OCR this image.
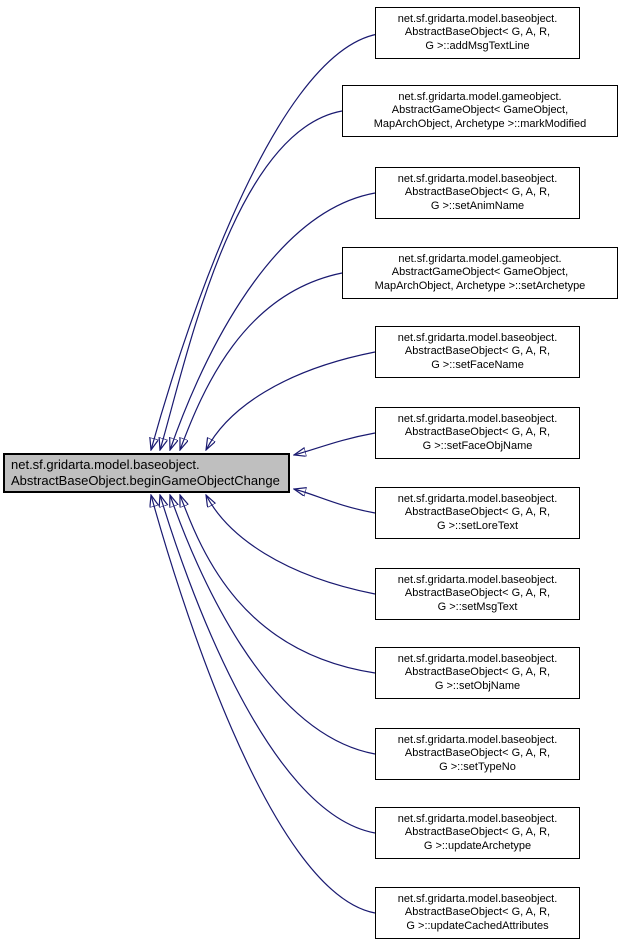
net.sf.gridarta.model.baseobject.
AbstractBaseObject.beginGameObjectChange
net.sf.gridarta.model.baseobject.
AbstractBaseObject< G, A, R,
G >::addMsgTextLine
net.sf.gridarta.model.gameobject.
AbstractGameObject< GameObject,
MapArchObject, Archetype >::markModified
net.sf.gridarta.model.baseobject.
AbstractBaseObject< G, A, R,
G >::setAnimName
net.sf.gridarta.model.gameobject.
AbstractGameObject< GameObject,
MapArchObject, Archetype >::setArchetype
net.sf.gridarta.model.baseobject.
AbstractBaseObject< G, A, R,
G >::setFaceName
net.sf.gridarta.model.baseobject.
AbstractBaseObject< G, A, R,
G >::setFaceObjName
net.sf.gridarta.model.baseobject.
AbstractBaseObject< G, A, R,
G >::setLoreText
net.sf.gridarta.model.baseobject.
AbstractBaseObject< G, A, R,
G >::setMsgText
net.sf.gridarta.model.baseobject.
AbstractBaseObject< G, A, R,
G >::setObjName
net.sf.gridarta.model.baseobject.
AbstractBaseObject< G, A, R,
G >::setTypeNo
net.sf.gridarta.model.baseobject.
AbstractBaseObject< G, A, R,
G >::updateArchetype
net.sf.gridarta.model.baseobject.
AbstractBaseObject< G, A, R,
G >::updateCachedAttributes
